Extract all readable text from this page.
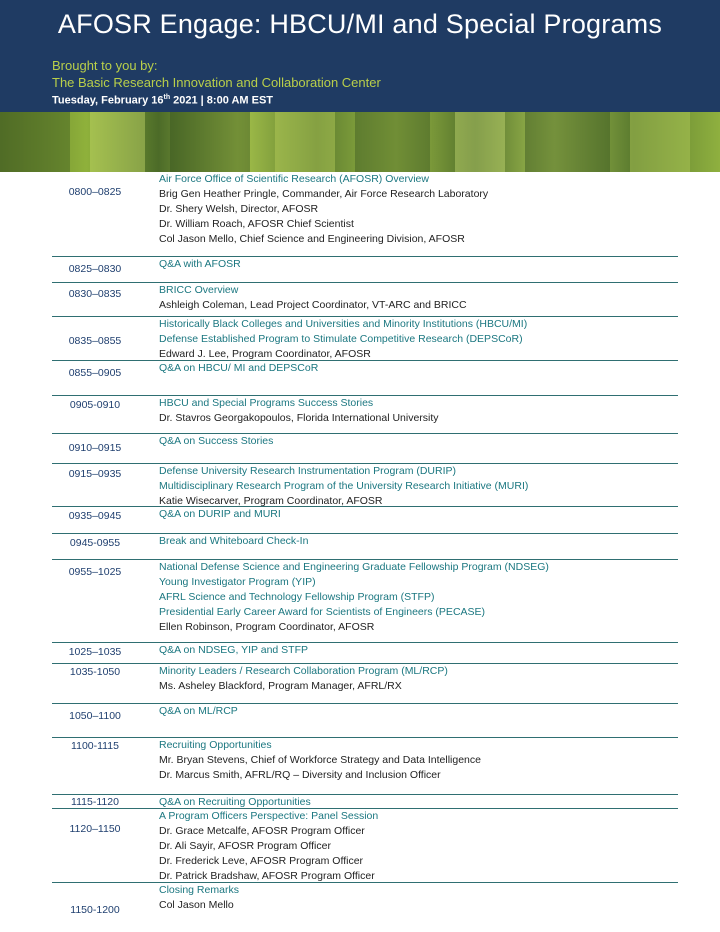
AFOSR Engage: HBCU/MI and Special Programs
Brought to you by:
The Basic Research Innovation and Collaboration Center
Tuesday, February 16th 2021 | 8:00 AM EST
0800–0825
Air Force Office of Scientific Research (AFOSR) Overview
Brig Gen Heather Pringle, Commander, Air Force Research Laboratory
Dr. Shery Welsh, Director, AFOSR
Dr. William Roach, AFOSR Chief Scientist
Col Jason Mello, Chief Science and Engineering Division, AFOSR
0825–0830	Q&A with AFOSR
0830–0835	BRICC Overview
Ashleigh Coleman, Lead Project Coordinator, VT-ARC and BRICC
0835–0855
Historically Black Colleges and Universities and Minority Institutions (HBCU/MI)
Defense Established Program to Stimulate Competitive Research (DEPSCoR)
Edward J. Lee, Program Coordinator, AFOSR
0855–0905	Q&A on HBCU/ MI and DEPSCoR
0905-0910	HBCU and Special Programs Success Stories
Dr. Stavros Georgakopoulos, Florida International University
0910–0915
Q&A on Success Stories
0915–0935	Defense University Research Instrumentation Program (DURIP)
Multidisciplinary Research Program of the University Research Initiative (MURI)
Katie Wisecarver, Program Coordinator, AFOSR
0935–0945	Q&A on DURIP and MURI
0945-0955	Break and Whiteboard Check-In
0955–1025	National Defense Science and Engineering Graduate Fellowship Program (NDSEG)
Young Investigator Program (YIP)
AFRL Science and Technology Fellowship Program (STFP)
Presidential Early Career Award for Scientists of Engineers (PECASE)
Ellen Robinson, Program Coordinator, AFOSR
1025–1035	Q&A on NDSEG, YIP and STFP
1035-1050	Minority Leaders / Research Collaboration Program (ML/RCP)
Ms. Asheley Blackford, Program Manager, AFRL/RX
1050–1100	Q&A on ML/RCP
1100-1115	Recruiting Opportunities
Mr. Bryan Stevens, Chief of Workforce Strategy and Data Intelligence
Dr. Marcus Smith, AFRL/RQ – Diversity and Inclusion Officer
1115-1120	Q&A on Recruiting Opportunities
1120–1150
A Program Officers Perspective: Panel Session
Dr. Grace Metcalfe, AFOSR Program Officer
Dr. Ali Sayir, AFOSR Program Officer
Dr. Frederick Leve, AFOSR Program Officer
Dr. Patrick Bradshaw, AFOSR Program Officer
1150-1200
Closing Remarks
Col Jason Mello
